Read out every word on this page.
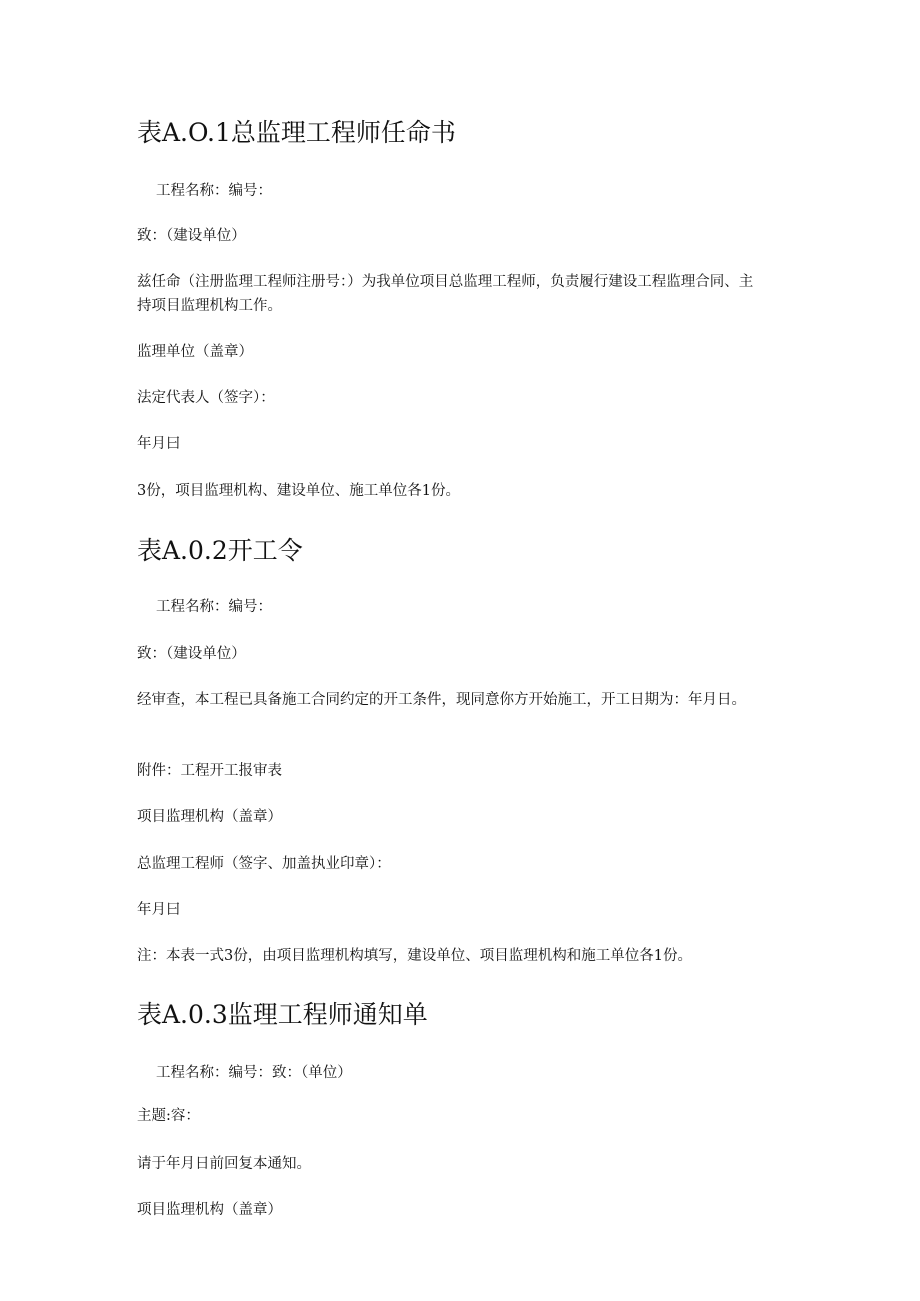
表A.O.1总监理工程师任命书

工程名称：编号：

致：（建设单位）

兹任命（注册监理工程师注册号：）为我单位项目总监理工程师，负责履行建设工程监理合同、主持项目监理机构工作。

监理单位（盖章）

法定代表人（签字）：

年月曰

3份，项目监理机构、建设单位、施工单位各1份。

表A.0.2开工令

工程名称：编号：

致：（建设单位）

经审查，本工程已具备施工合同约定的开工条件，现同意你方开始施工，开工日期为：年月日。

附件：工程开工报审表

项目监理机构（盖章）

总监理工程师（签字、加盖执业印章）：

年月曰

注：本表一式3份，由项目监理机构填写，建设单位、项目监理机构和施工单位各1份。

表A.0.3监理工程师通知单

工程名称：编号：致：（单位）

主题:容：

请于年月日前回复本通知。

项目监理机构（盖章）
